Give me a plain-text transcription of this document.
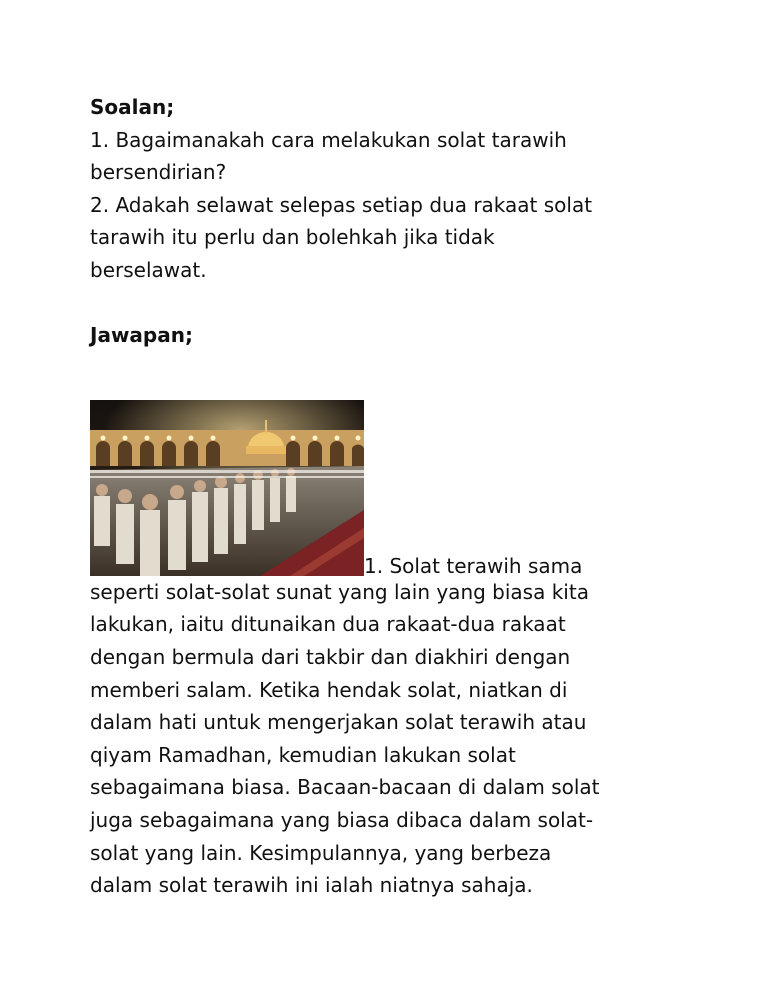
Soalan;
1. Bagaimanakah cara melakukan solat tarawih
bersendirian?
2. Adakah selawat selepas setiap dua rakaat solat
tarawih itu perlu dan bolehkah jika tidak
berselawat.
Jawapan;
1. Solat terawih sama
seperti solat-solat sunat yang lain yang biasa kita
lakukan, iaitu ditunaikan dua rakaat-dua rakaat
dengan bermula dari takbir dan diakhiri dengan
memberi salam. Ketika hendak solat, niatkan di
dalam hati untuk mengerjakan solat terawih atau
qiyam Ramadhan, kemudian lakukan solat
sebagaimana biasa. Bacaan-bacaan di dalam solat
juga sebagaimana yang biasa dibaca dalam solat-
solat yang lain. Kesimpulannya, yang berbeza
dalam solat terawih ini ialah niatnya sahaja.
